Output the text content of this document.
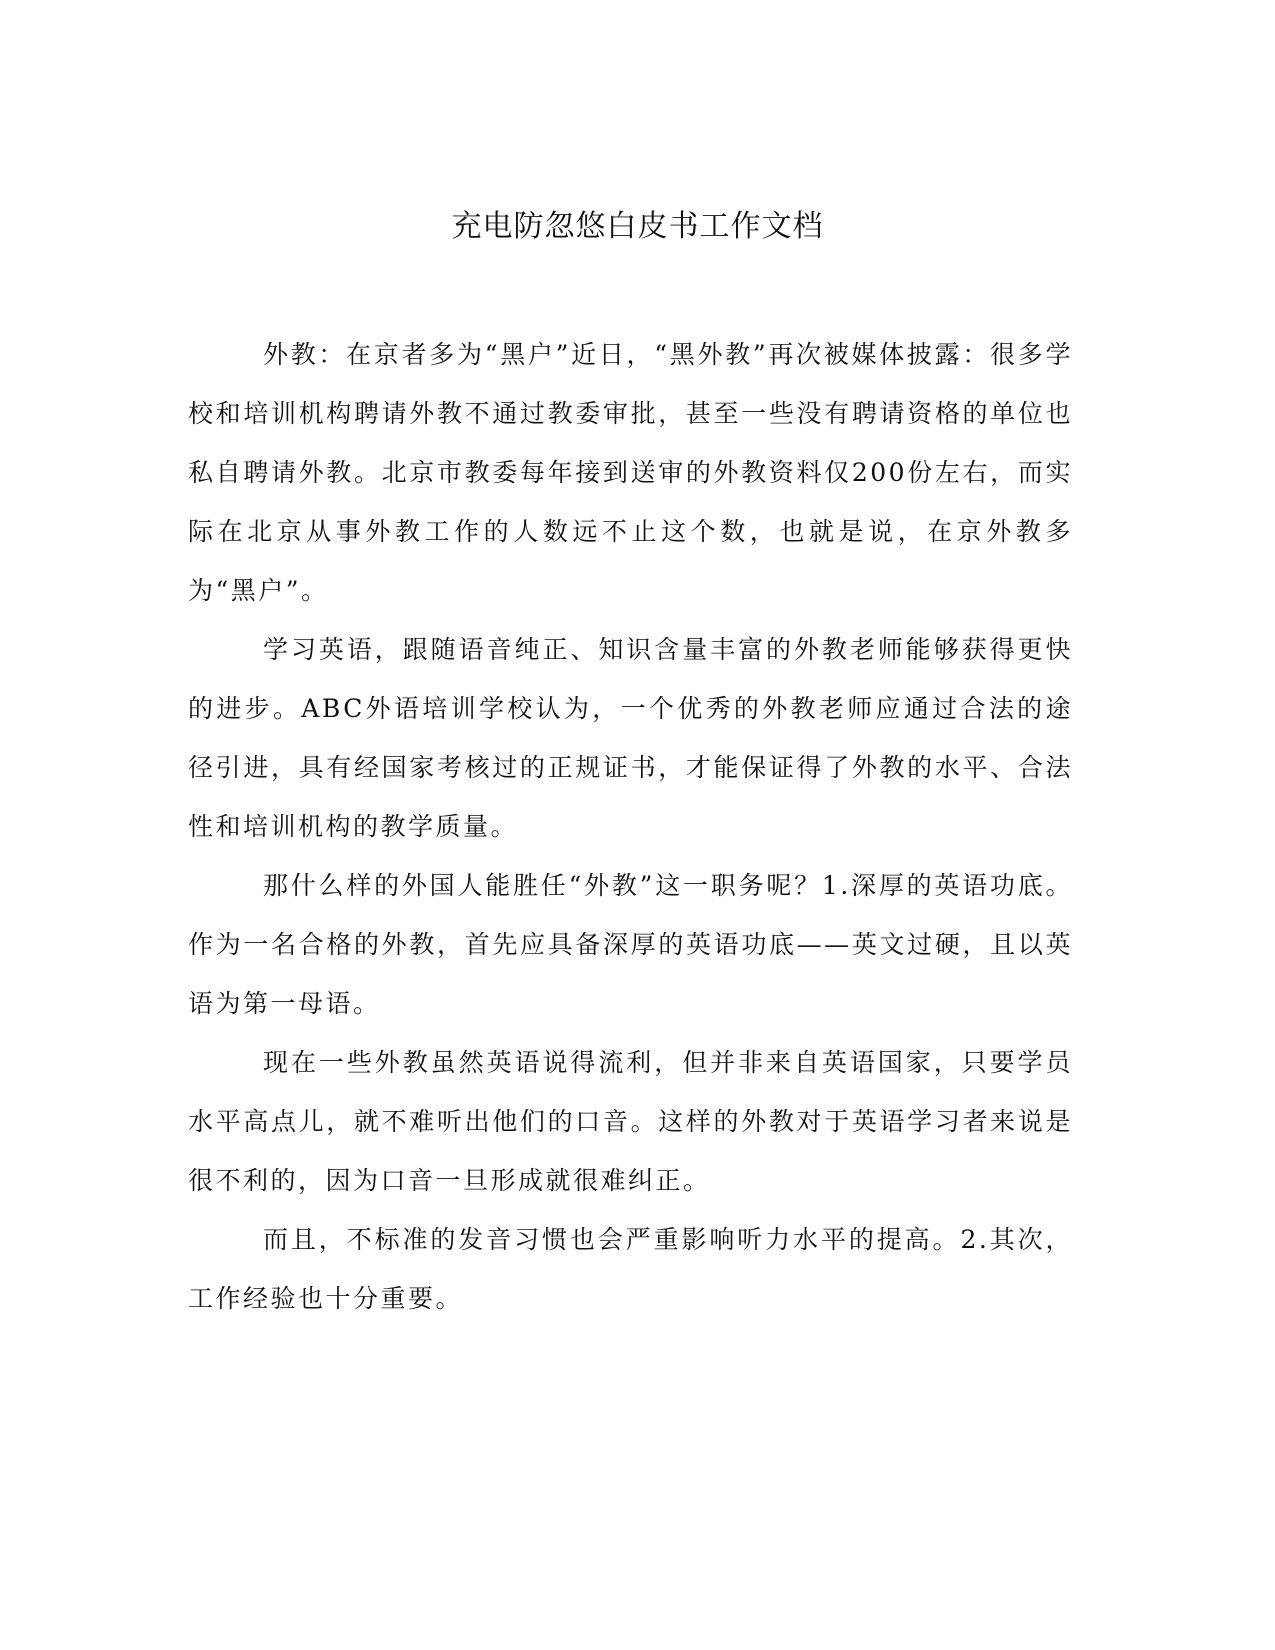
充电防忽悠白皮书工作文档

外教：在京者多为“黑户”近日，“黑外教”再次被媒体披露：很多学校和培训机构聘请外教不通过教委审批，甚至一些没有聘请资格的单位也私自聘请外教。北京市教委每年接到送审的外教资料仅200份左右，而实际在北京从事外教工作的人数远不止这个数，也就是说，在京外教多为“黑户”。

学习英语，跟随语音纯正、知识含量丰富的外教老师能够获得更快的进步。ABC外语培训学校认为，一个优秀的外教老师应通过合法的途径引进，具有经国家考核过的正规证书，才能保证得了外教的水平、合法性和培训机构的教学质量。

那什么样的外国人能胜任“外教”这一职务呢？1.深厚的英语功底。作为一名合格的外教，首先应具备深厚的英语功底——英文过硬，且以英语为第一母语。

现在一些外教虽然英语说得流利，但并非来自英语国家，只要学员水平高点儿，就不难听出他们的口音。这样的外教对于英语学习者来说是很不利的，因为口音一旦形成就很难纠正。

而且，不标准的发音习惯也会严重影响听力水平的提高。2.其次，工作经验也十分重要。
